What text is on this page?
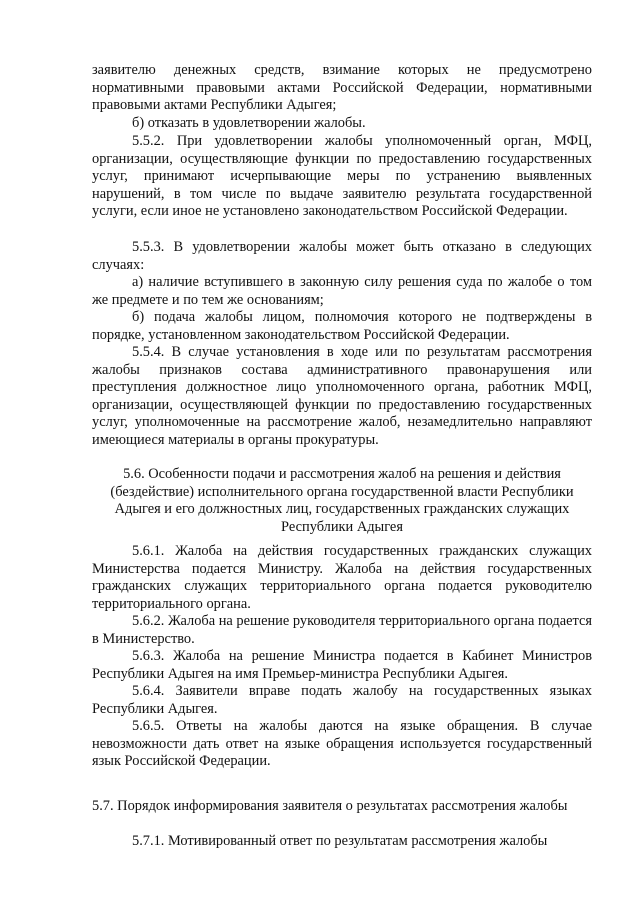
заявителю денежных средств, взимание которых не предусмотрено нормативными правовыми актами Российской Федерации, нормативными правовыми актами Республики Адыгея;

б) отказать в удовлетворении жалобы.

5.5.2. При удовлетворении жалобы уполномоченный орган, МФЦ, организации, осуществляющие функции по предоставлению государственных услуг, принимают исчерпывающие меры по устранению выявленных нарушений, в том числе по выдаче заявителю результата государственной услуги, если иное не установлено законодательством Российской Федерации.

5.5.3. В удовлетворении жалобы может быть отказано в следующих случаях:

а) наличие вступившего в законную силу решения суда по жалобе о том же предмете и по тем же основаниям;

б) подача жалобы лицом, полномочия которого не подтверждены в порядке, установленном законодательством Российской Федерации.

5.5.4. В случае установления в ходе или по результатам рассмотрения жалобы признаков состава административного правонарушения или преступления должностное лицо уполномоченного органа, работник МФЦ, организации, осуществляющей функции по предоставлению государственных услуг, уполномоченные на рассмотрение жалоб, незамедлительно направляют имеющиеся материалы в органы прокуратуры.

5.6. Особенности подачи и рассмотрения жалоб на решения и действия (бездействие) исполнительного органа государственной власти Республики Адыгея и его должностных лиц, государственных гражданских служащих Республики Адыгея

5.6.1. Жалоба на действия государственных гражданских служащих Министерства подается Министру. Жалоба на действия государственных гражданских служащих территориального органа подается руководителю территориального органа.

5.6.2. Жалоба на решение руководителя территориального органа подается в Министерство.

5.6.3. Жалоба на решение Министра подается в Кабинет Министров Республики Адыгея на имя Премьер-министра Республики Адыгея.

5.6.4. Заявители вправе подать жалобу на государственных языках Республики Адыгея.

5.6.5. Ответы на жалобы даются на языке обращения. В случае невозможности дать ответ на языке обращения используется государственный язык Российской Федерации.

5.7. Порядок информирования заявителя о результатах рассмотрения жалобы

5.7.1. Мотивированный ответ по результатам рассмотрения жалобы
